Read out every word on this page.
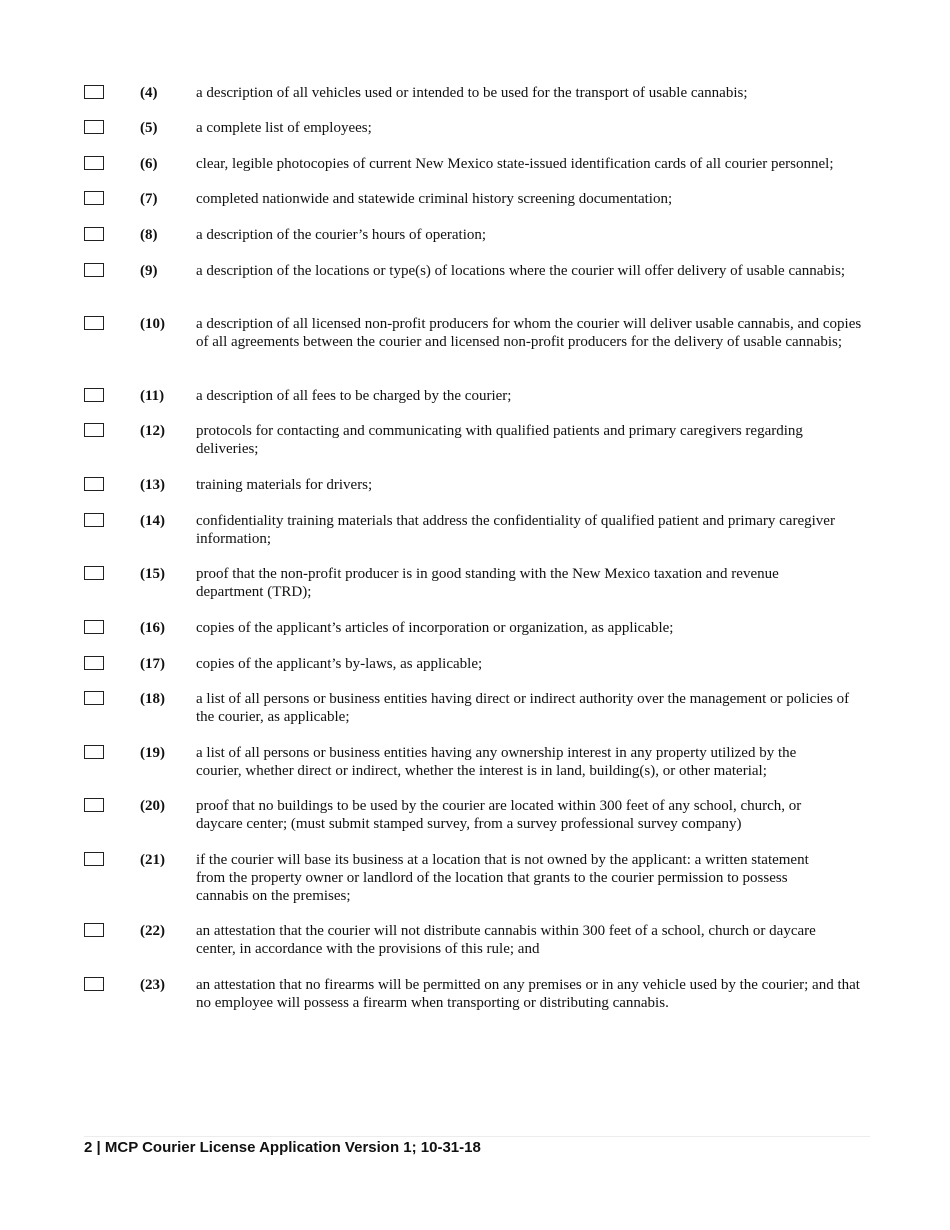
(4)	a description of all vehicles used or intended to be used for the transport of usable cannabis;
(5)	a complete list of employees;
(6)	clear, legible photocopies of current New Mexico state-issued identification cards of all courier personnel;
(7)	completed nationwide and statewide criminal history screening documentation;
(8)	a description of the courier’s hours of operation;
(9)	a description of the locations or type(s) of locations where the courier will offer delivery of usable cannabis;
(10) a description of all licensed non-profit producers for whom the courier will deliver usable cannabis, and copies of all agreements between the courier and licensed non-profit producers for the delivery of usable cannabis;
(11) a description of all fees to be charged by the courier;
(12) protocols for contacting and communicating with qualified patients and primary caregivers regarding deliveries;
(13) training materials for drivers;
(14) confidentiality training materials that address the confidentiality of qualified patient and primary caregiver information;
(15) proof that the non-profit producer is in good standing with the New Mexico taxation and revenue department (TRD);
(16) copies of the applicant’s articles of incorporation or organization, as applicable;
(17) copies of the applicant’s by-laws, as applicable;
(18) a list of all persons or business entities having direct or indirect authority over the management or policies of the courier, as applicable;
(19) a list of all persons or business entities having any ownership interest in any property utilized by the courier, whether direct or indirect, whether the interest is in land, building(s), or other material;
(20) proof that no buildings to be used by the courier are located within 300 feet of any school, church, or daycare center; (must submit stamped survey, from a survey professional survey company)
(21) if the courier will base its business at a location that is not owned by the applicant: a written statement from the property owner or landlord of the location that grants to the courier permission to possess cannabis on the premises;
(22) an attestation that the courier will not distribute cannabis within 300 feet of a school, church or daycare center, in accordance with the provisions of this rule; and
(23) an attestation that no firearms will be permitted on any premises or in any vehicle used by the courier; and that no employee will possess a firearm when transporting or distributing cannabis.
2 | MCP Courier License Application Version 1; 10-31-18
